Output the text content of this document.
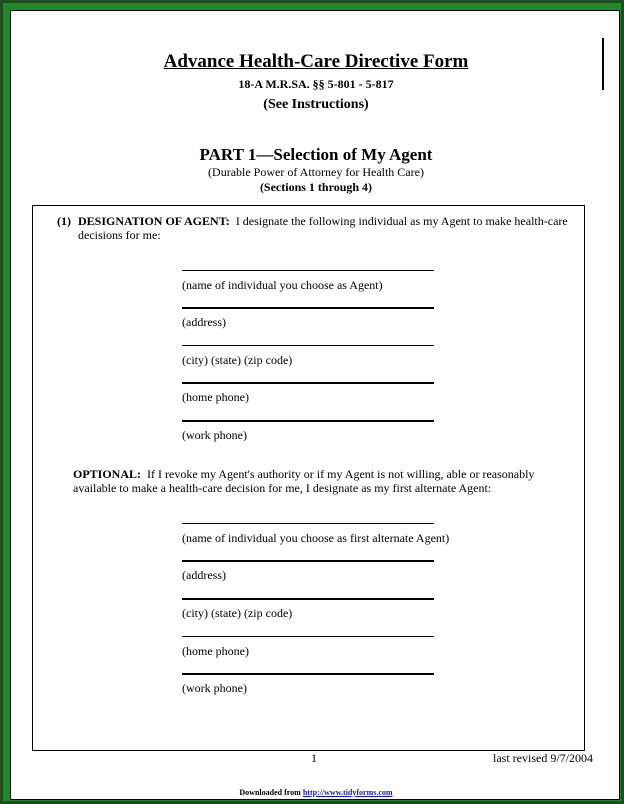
Advance Health-Care Directive Form
18-A M.R.SA. §§ 5-801 - 5-817
(See Instructions)
PART 1—Selection of My Agent
(Durable Power of Attorney for Health Care)
(Sections 1 through 4)
(1) DESIGNATION OF AGENT: I designate the following individual as my Agent to make health-care decisions for me:
(name of individual you choose as Agent)
(address)
(city) (state) (zip code)
(home phone)
(work phone)
OPTIONAL: If I revoke my Agent's authority or if my Agent is not willing, able or reasonably available to make a health-care decision for me, I designate as my first alternate Agent:
(name of individual you choose as first alternate Agent)
(address)
(city) (state) (zip code)
(home phone)
(work phone)
1	last revised 9/7/2004
Downloaded from http://www.tidyforms.com
